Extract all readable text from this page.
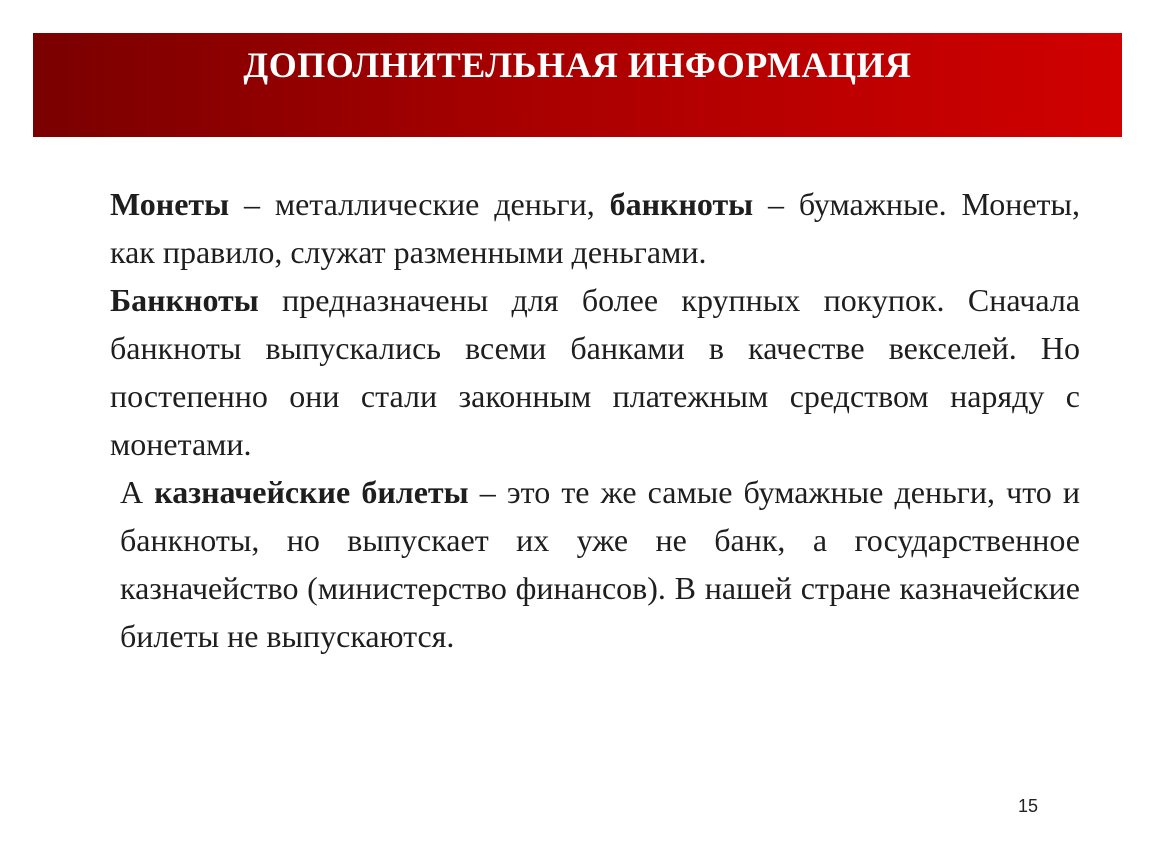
ДОПОЛНИТЕЛЬНАЯ ИНФОРМАЦИЯ

Монеты – металлические деньги, банкноты – бумажные. Монеты, как правило, служат разменными деньгами.

Банкноты предназначены для более крупных покупок. Сначала банкноты выпускались всеми банками в качестве векселей. Но постепенно они стали законным платежным средством наряду с монетами.

А казначейские билеты – это те же самые бумажные деньги, что и банкноты, но выпускает их уже не банк, а государственное казначейство (министерство финансов). В нашей стране казначейские билеты не выпускаются.

15
